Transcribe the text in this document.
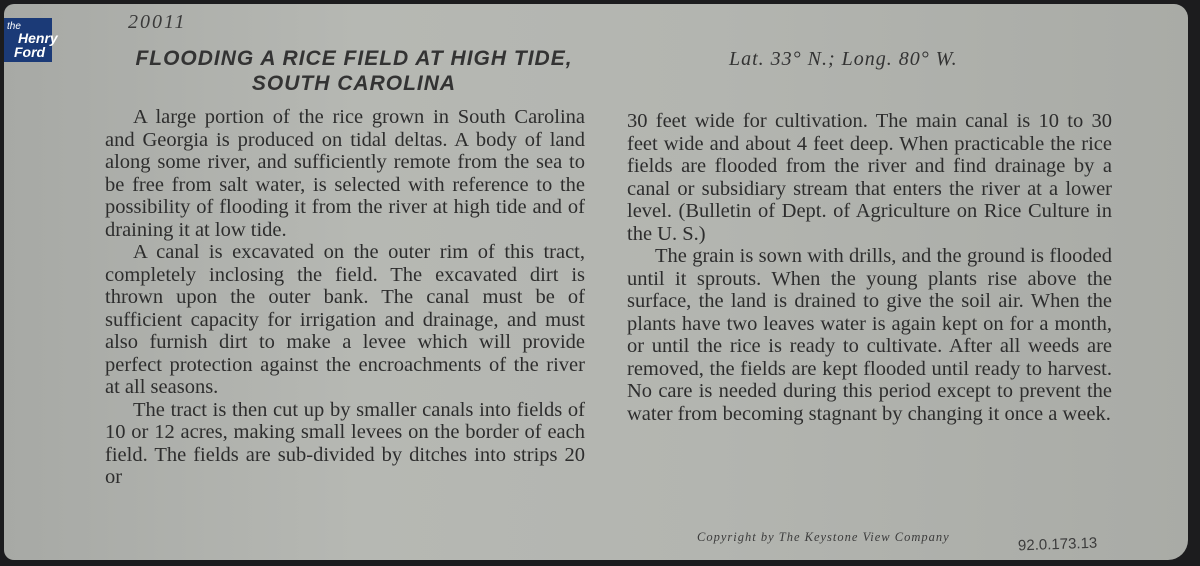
the
Henry
Ford
20011
FLOODING A RICE FIELD AT HIGH TIDE, SOUTH CAROLINA
Lat. 33° N.; Long. 80° W.

A large portion of the rice grown in South Carolina and Georgia is produced on tidal deltas. A body of land along some river, and sufficiently remote from the sea to be free from salt water, is selected with reference to the possibility of flooding it from the river at high tide and of draining it at low tide.

A canal is excavated on the outer rim of this tract, completely inclosing the field. The excavated dirt is thrown upon the outer bank. The canal must be of sufficient capacity for irrigation and drainage, and must also furnish dirt to make a levee which will provide perfect protection against the encroachments of the river at all seasons.

The tract is then cut up by smaller canals into fields of 10 or 12 acres, making small levees on the border of each field. The fields are sub-divided by ditches into strips 20 or

30 feet wide for cultivation. The main canal is 10 to 30 feet wide and about 4 feet deep. When practicable the rice fields are flooded from the river and find drainage by a canal or subsidiary stream that enters the river at a lower level. (Bulletin of Dept. of Agriculture on Rice Culture in the U. S.)

The grain is sown with drills, and the ground is flooded until it sprouts. When the young plants rise above the surface, the land is drained to give the soil air. When the plants have two leaves water is again kept on for a month, or until the rice is ready to cultivate. After all weeds are removed, the fields are kept flooded until ready to harvest. No care is needed during this period except to prevent the water from becoming stagnant by changing it once a week.

Copyright by The Keystone View Company	92.0.173.13
